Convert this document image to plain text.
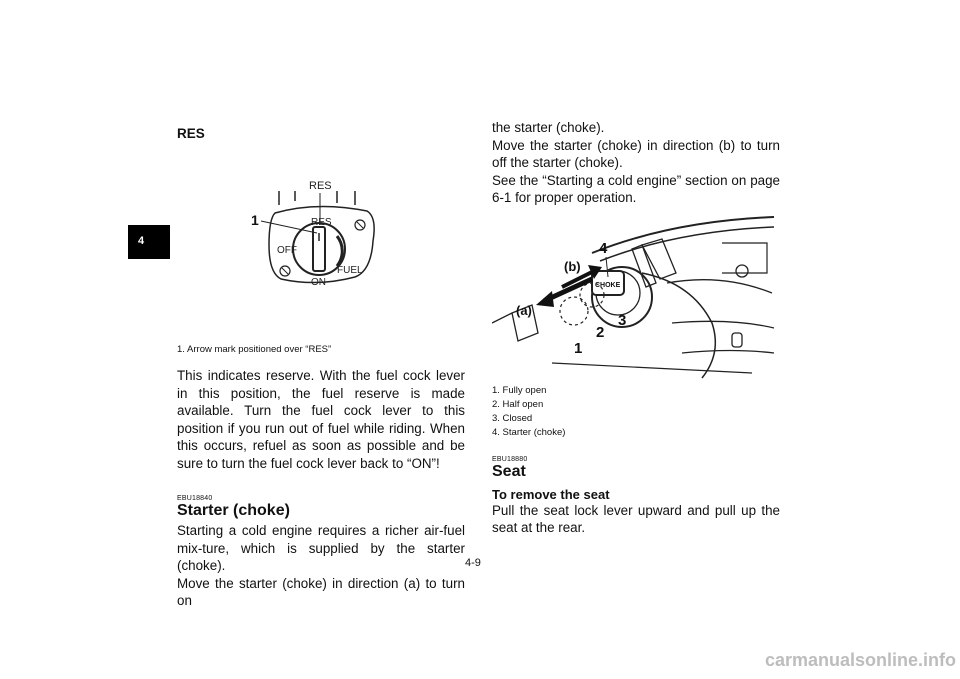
4
RES
RES
RES
OFF
ON
FUEL
1
1. Arrow mark positioned over “RES”

This indicates reserve. With the fuel cock lever in this position, the fuel reserve is made available. Turn the fuel cock lever to this position if you run out of fuel while riding. When this occurs, refuel as soon as possible and be sure to turn the fuel cock lever back to “ON”!

EBU18840
Starter (choke)

Starting a cold engine requires a richer air-fuel mix-ture, which is supplied by the starter (choke).

Move the starter (choke) in direction (a) to turn on

the starter (choke).

Move the starter (choke) in direction (b) to turn off the starter (choke).

See the “Starting a cold engine” section on page 6-1 for proper operation.

CHOKE
(a)
(b)
4
3
2
1
1. Fully open
2. Half open
3. Closed
4. Starter (choke)
EBU18880
Seat
To remove the seat

Pull the seat lock lever upward and pull up the seat at the rear.

4-9
carmanualsonline.info
